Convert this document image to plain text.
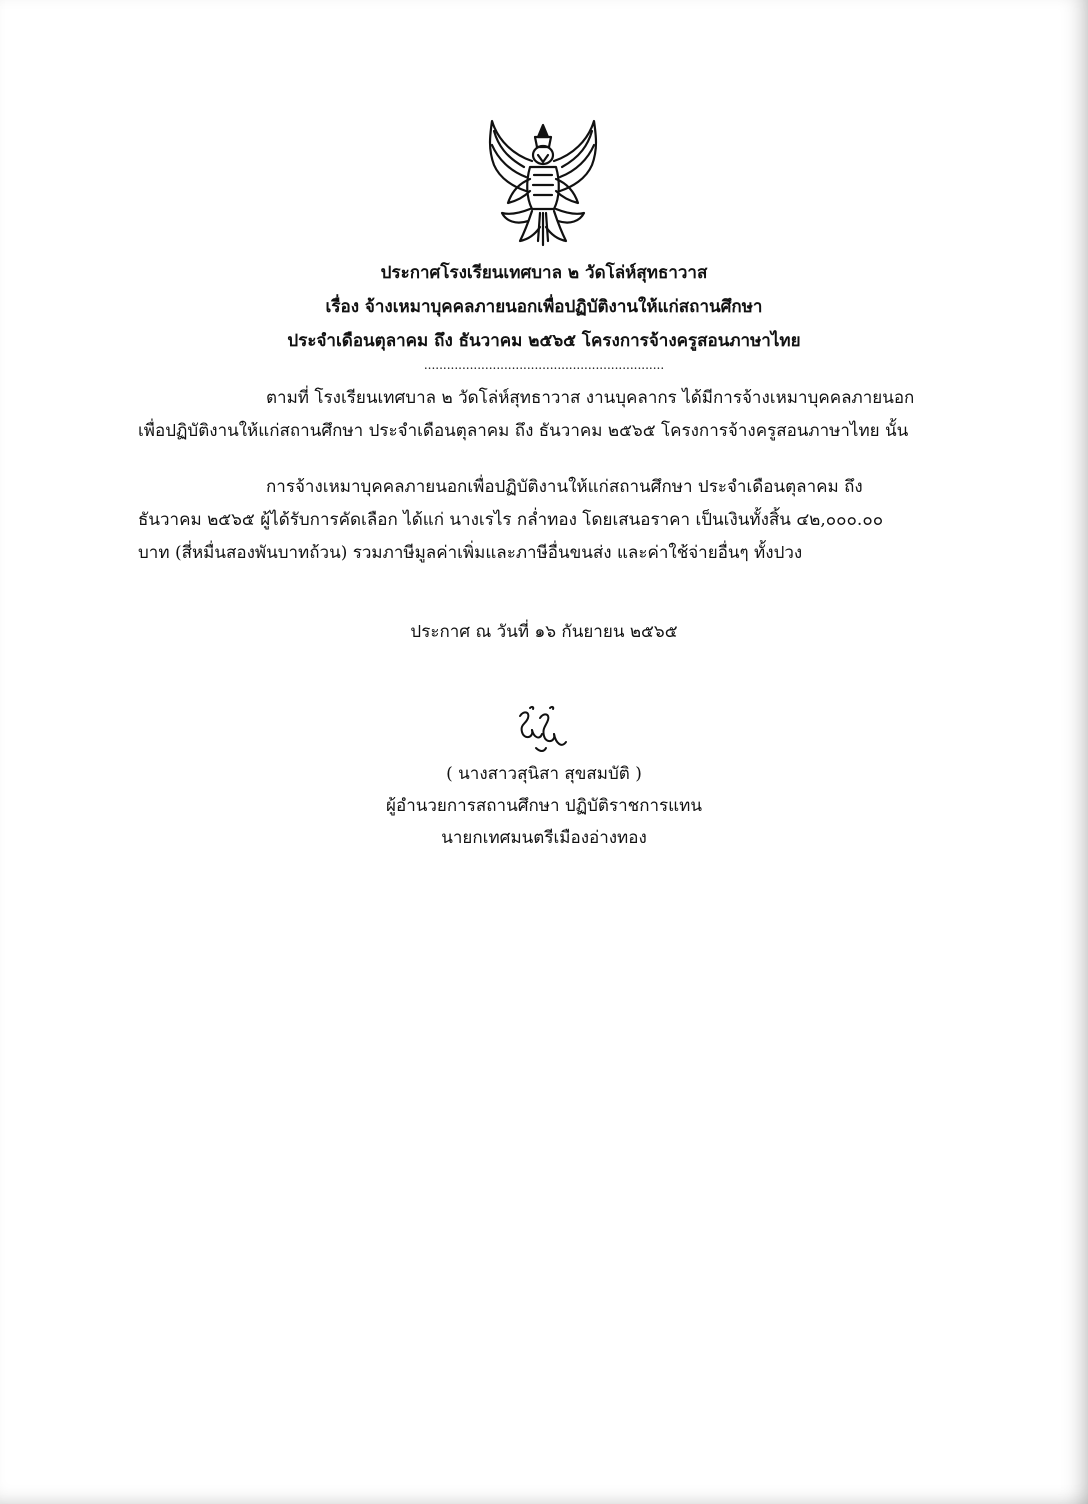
ประกาศโรงเรียนเทศบาล ๒ วัดโล่ห์สุทธาวาส
เรื่อง จ้างเหมาบุคคลภายนอกเพื่อปฏิบัติงานให้แก่สถานศึกษา
ประจำเดือนตุลาคม ถึง ธันวาคม ๒๕๖๕ โครงการจ้างครูสอนภาษาไทย
...............................................................
ตามที่ โรงเรียนเทศบาล ๒ วัดโล่ห์สุทธาวาส งานบุคลากร ได้มีการจ้างเหมาบุคคลภายนอก
เพื่อปฏิบัติงานให้แก่สถานศึกษา ประจำเดือนตุลาคม ถึง ธันวาคม ๒๕๖๕ โครงการจ้างครูสอนภาษาไทย นั้น
การจ้างเหมาบุคคลภายนอกเพื่อปฏิบัติงานให้แก่สถานศึกษา ประจำเดือนตุลาคม ถึง
ธันวาคม ๒๕๖๕ ผู้ได้รับการคัดเลือก ได้แก่ นางเรไร กล่ำทอง โดยเสนอราคา เป็นเงินทั้งสิ้น ๔๒,๐๐๐.๐๐
บาท (สี่หมื่นสองพันบาทถ้วน) รวมภาษีมูลค่าเพิ่มและภาษีอื่นขนส่ง และค่าใช้จ่ายอื่นๆ ทั้งปวง
ประกาศ ณ วันที่ ๑๖ กันยายน ๒๕๖๕
( นางสาวสุนิสา สุขสมบัติ )
ผู้อำนวยการสถานศึกษา ปฏิบัติราชการแทน
นายกเทศมนตรีเมืองอ่างทอง
